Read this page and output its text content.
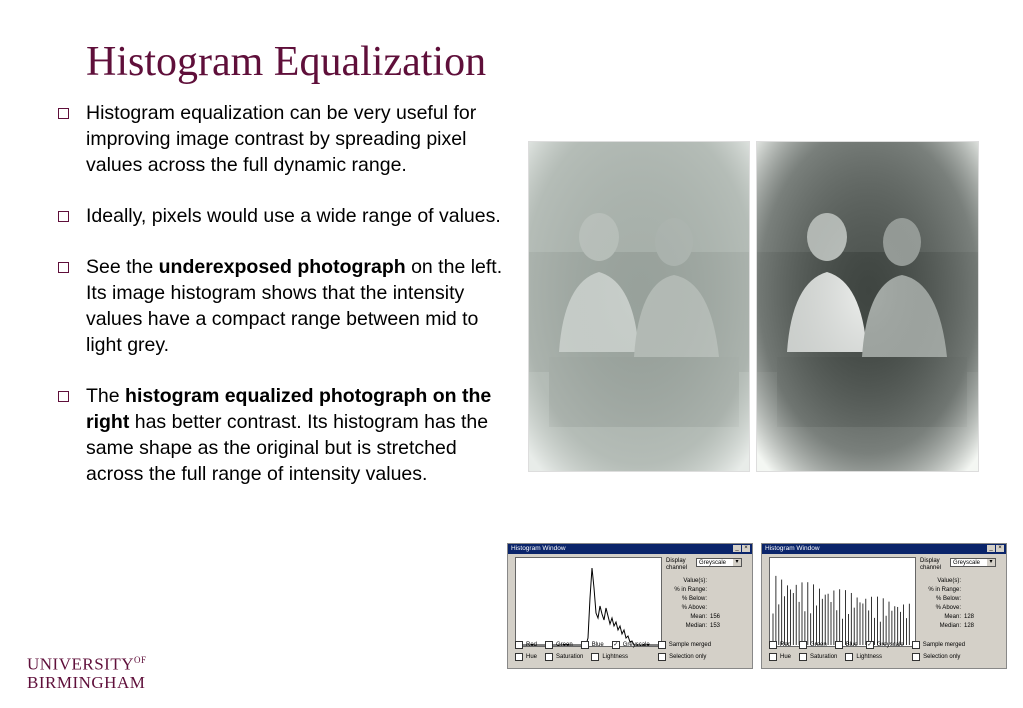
Histogram Equalization
Histogram equalization can be very useful for improving image contrast by spreading pixel values across the full dynamic range.
Ideally, pixels would use a wide range of values.
See the underexposed photograph on the left. Its image histogram shows that the intensity values have a compact range between mid to light grey.
The histogram equalized photograph on the right has better contrast. Its histogram has the same shape as the original but is stretched across the full range of intensity values.
Histogram Window	_ ×
Display channel
Greyscale	▾
Value(s):
% in Range:
% Below:
% Above:
Mean: 156
Median: 153
Red	Green	Blue ✓ Greyscale	Sample merged
Hue	Saturation	Lightness	Selection only
Histogram Window	_ ×
Display channel
Greyscale	▾
Value(s):
% in Range:
% Below:
% Above:
Mean: 128
Median: 128
Red	Green	Blue ✓ Greyscale	Sample merged
Hue	Saturation	Lightness	Selection only
$UNIVERSITY^{OF}$
BIRMINGHAM
